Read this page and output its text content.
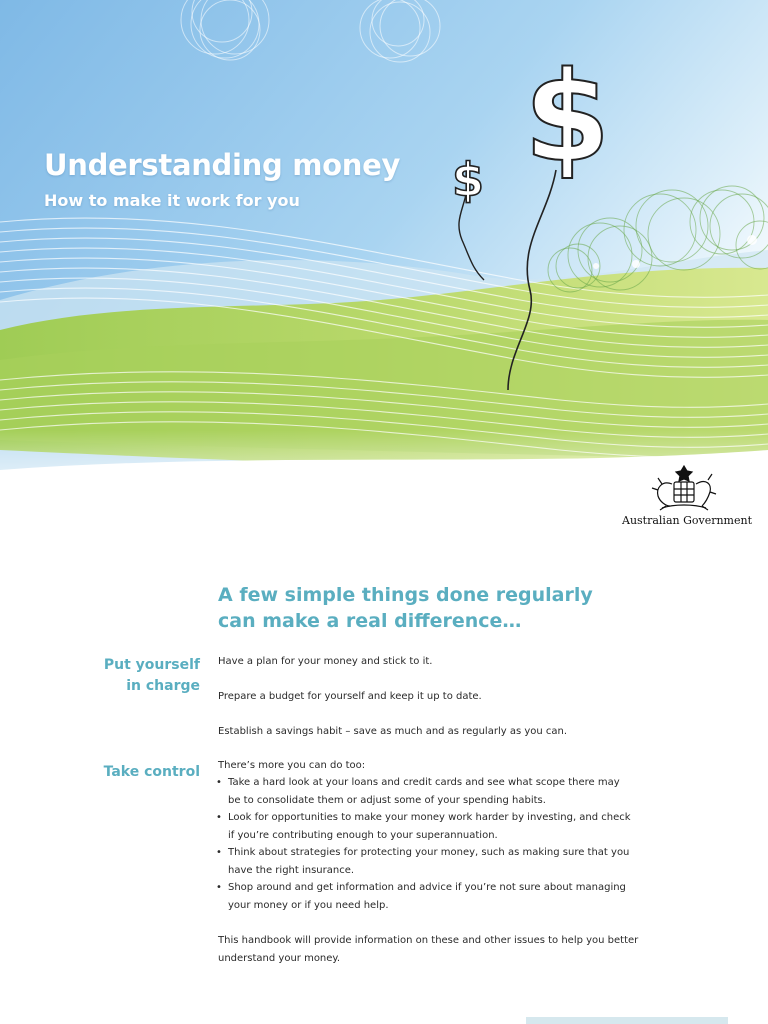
$ $
Understanding money
How to make it work for you
Australian Government
A few simple things done regularly
can make a real difference…
Put yourself
in charge
Take control

Have a plan for your money and stick to it.

Prepare a budget for yourself and keep it up to date.

Establish a savings habit – save as much and as regularly as you can.

There’s more you can do too:

• Take a hard look at your loans and credit cards and see what scope there may
be to consolidate them or adjust some of your spending habits.
• Look for opportunities to make your money work harder by investing, and check
if you’re contributing enough to your superannuation.
• Think about strategies for protecting your money, such as making sure that you
have the right insurance.
• Shop around and get information and advice if you’re not sure about managing
your money or if you need help.

This handbook will provide information on these and other issues to help you better
understand your money.
